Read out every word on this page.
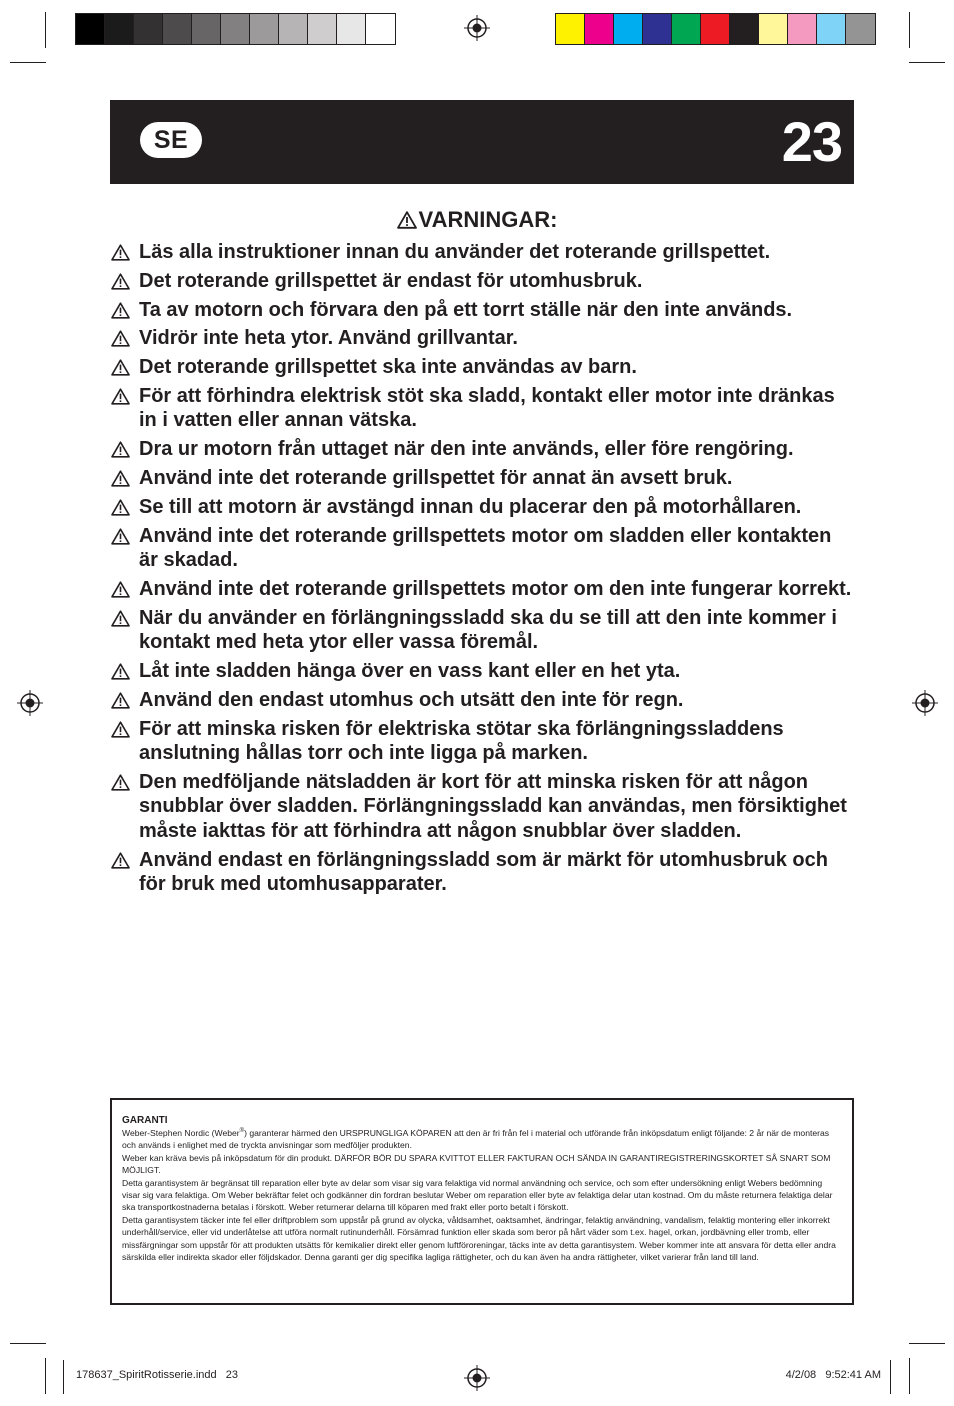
SE	23
VARNINGAR:
Läs alla instruktioner innan du använder det roterande grillspettet.
Det roterande grillspettet är endast för utomhusbruk.
Ta av motorn och förvara den på ett torrt ställe när den inte används.
Vidrör inte heta ytor. Använd grillvantar.
Det roterande grillspettet ska inte användas av barn.
För att förhindra elektrisk stöt ska sladd, kontakt eller motor inte dränkas in i vatten eller annan vätska.
Dra ur motorn från uttaget när den inte används, eller före rengöring.
Använd inte det roterande grillspettet för annat än avsett bruk.
Se till att motorn är avstängd innan du placerar den på motorhållaren.
Använd inte det roterande grillspettets motor om sladden eller kontakten är skadad.
Använd inte det roterande grillspettets motor om den inte fungerar korrekt.
När du använder en förlängningssladd ska du se till att den inte kommer i kontakt med heta ytor eller vassa föremål.
Låt inte sladden hänga över en vass kant eller en het yta.
Använd den endast utomhus och utsätt den inte för regn.
För att minska risken för elektriska stötar ska förlängningssladdens anslutning hållas torr och inte ligga på marken.
Den medföljande nätsladden är kort för att minska risken för att någon snubblar över sladden. Förlängningssladd kan användas, men försiktighet måste iakttas för att förhindra att någon snubblar över sladden.
Använd endast en förlängningssladd som är märkt för utomhusbruk och för bruk med utomhusapparater.
GARANTI

Weber-Stephen Nordic (Weber®) garanterar härmed den URSPRUNGLIGA KÖPAREN att den är fri från fel i material och utförande från inköpsdatum enligt följande: 2 år när de monteras och används i enlighet med de tryckta anvisningar som medföljer produkten.

Weber kan kräva bevis på inköpsdatum för din produkt. DÄRFÖR BÖR DU SPARA KVITTOT ELLER FAKTURAN OCH SÄNDA IN GARANTIREGISTRERINGSKORTET SÅ SNART SOM MÖJLIGT.

Detta garantisystem är begränsat till reparation eller byte av delar som visar sig vara felaktiga vid normal användning och service, och som efter undersökning enligt Webers bedömning visar sig vara felaktiga. Om Weber bekräftar felet och godkänner din fordran beslutar Weber om reparation eller byte av felaktiga delar utan kostnad. Om du måste returnera felaktiga delar ska transportkostnaderna betalas i förskott. Weber returnerar delarna till köparen med frakt eller porto betalt i förskott.

Detta garantisystem täcker inte fel eller driftproblem som uppstår på grund av olycka, våldsamhet, oaktsamhet, ändringar, felaktig användning, vandalism, felaktig montering eller inkorrekt underhåll/service, eller vid underlåtelse att utföra normalt rutinunderhåll. Försämrad funktion eller skada som beror på hårt väder som t.ex. hagel, orkan, jordbävning eller tromb, eller missfärgningar som uppstår för att produkten utsätts för kemikalier direkt eller genom luftföroreningar, täcks inte av detta garantisystem. Weber kommer inte att ansvara för detta eller andra särskilda eller indirekta skador eller följdskador. Denna garanti ger dig specifika lagliga rättigheter, och du kan även ha andra rättigheter, vilket varierar från land till land.

178637_SpiritRotisserie.indd   23	4/2/08   9:52:41 AM
